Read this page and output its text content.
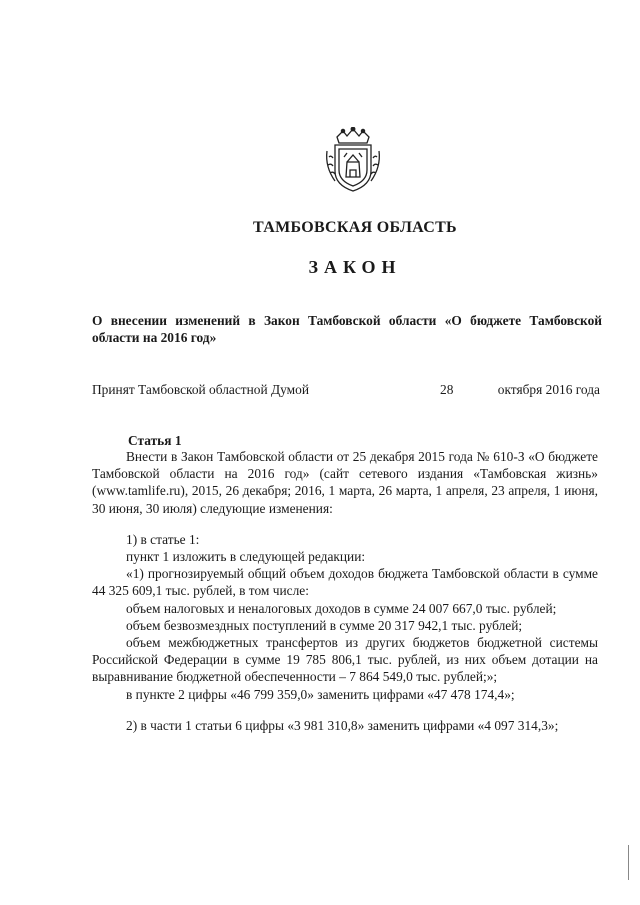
ТАМБОВСКАЯ ОБЛАСТЬ
ЗАКОН
О внесении изменений в Закон Тамбовской области «О бюджете Тамбовской области на 2016 год»
Принят Тамбовской областной Думой	28	октября 2016 года
Статья 1

Внести в Закон Тамбовской области от 25 декабря 2015 года № 610-З «О бюджете Тамбовской области на 2016 год» (сайт сетевого издания «Тамбовская жизнь» (www.tamlife.ru), 2015, 26 декабря; 2016, 1 марта, 26 марта, 1 апреля, 23 апреля, 1 июня, 30 июня, 30 июля) следующие изменения:

1) в статье 1:

пункт 1 изложить в следующей редакции:

«1) прогнозируемый общий объем доходов бюджета Тамбовской области в сумме 44 325 609,1 тыс. рублей, в том числе:

объем налоговых и неналоговых доходов в сумме 24 007 667,0 тыс. рублей;

объем безвозмездных поступлений в сумме 20 317 942,1 тыс. рублей;

объем межбюджетных трансфертов из других бюджетов бюджетной системы Российской Федерации в сумме 19 785 806,1 тыс. рублей, из них объем дотации на выравнивание бюджетной обеспеченности – 7 864 549,0 тыс. рублей;»;

в пункте 2 цифры «46 799 359,0» заменить цифрами «47 478 174,4»;

2) в части 1 статьи 6 цифры «3 981 310,8» заменить цифрами «4 097 314,3»;
